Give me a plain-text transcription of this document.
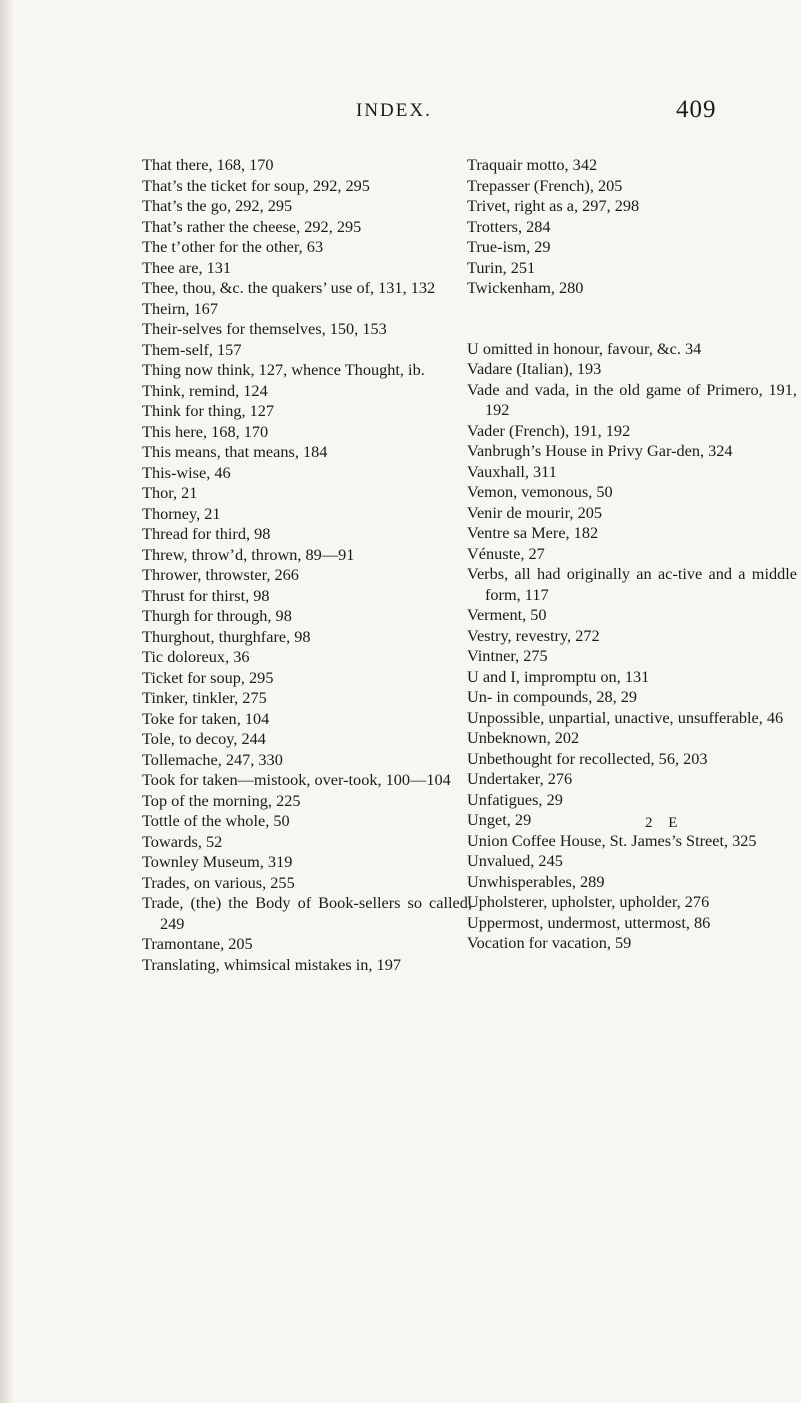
INDEX.	409
That there, 168, 170
That’s the ticket for soup, 292, 295
That’s the go, 292, 295
That’s rather the cheese, 292, 295
The t’other for the other, 63
Thee are, 131
Thee, thou, &c. the quakers’ use of, 131, 132
Theirn, 167
Their-selves for themselves, 150, 153
Them-self, 157
Thing now think, 127, whence Thought, ib.
Think, remind, 124
Think for thing, 127
This here, 168, 170
This means, that means, 184
This-wise, 46
Thor, 21
Thorney, 21
Thread for third, 98
Threw, throw’d, thrown, 89—91
Thrower, throwster, 266
Thrust for thirst, 98
Thurgh for through, 98
Thurghout, thurghfare, 98
Tic doloreux, 36
Ticket for soup, 295
Tinker, tinkler, 275
Toke for taken, 104
Tole, to decoy, 244
Tollemache, 247, 330
Took for taken—mistook, over-took, 100—104
Top of the morning, 225
Tottle of the whole, 50
Towards, 52
Townley Museum, 319
Trades, on various, 255
Trade, (the) the Body of Book-sellers so called, 249
Tramontane, 205
Translating, whimsical mistakes in, 197
Traquair motto, 342
Trepasser (French), 205
Trivet, right as a, 297, 298
Trotters, 284
True-ism, 29
Turin, 251
Twickenham, 280
U omitted in honour, favour, &c. 34
Vadare (Italian), 193
Vade and vada, in the old game of Primero, 191, 192
Vader (French), 191, 192
Vanbrugh’s House in Privy Gar-den, 324
Vauxhall, 311
Vemon, vemonous, 50
Venir de mourir, 205
Ventre sa Mere, 182
Vénuste, 27
Verbs, all had originally an ac-tive and a middle form, 117
Verment, 50
Vestry, revestry, 272
Vintner, 275
U and I, impromptu on, 131
Un- in compounds, 28, 29
Unpossible, unpartial, unactive, unsufferable, 46
Unbeknown, 202
Unbethought for recollected, 56, 203
Undertaker, 276
Unfatigues, 29
Unget, 29
Union Coffee House, St. James’s Street, 325
Unvalued, 245
Unwhisperables, 289
Upholsterer, upholster, upholder, 276
Uppermost, undermost, uttermost, 86
Vocation for vacation, 59
2 E
